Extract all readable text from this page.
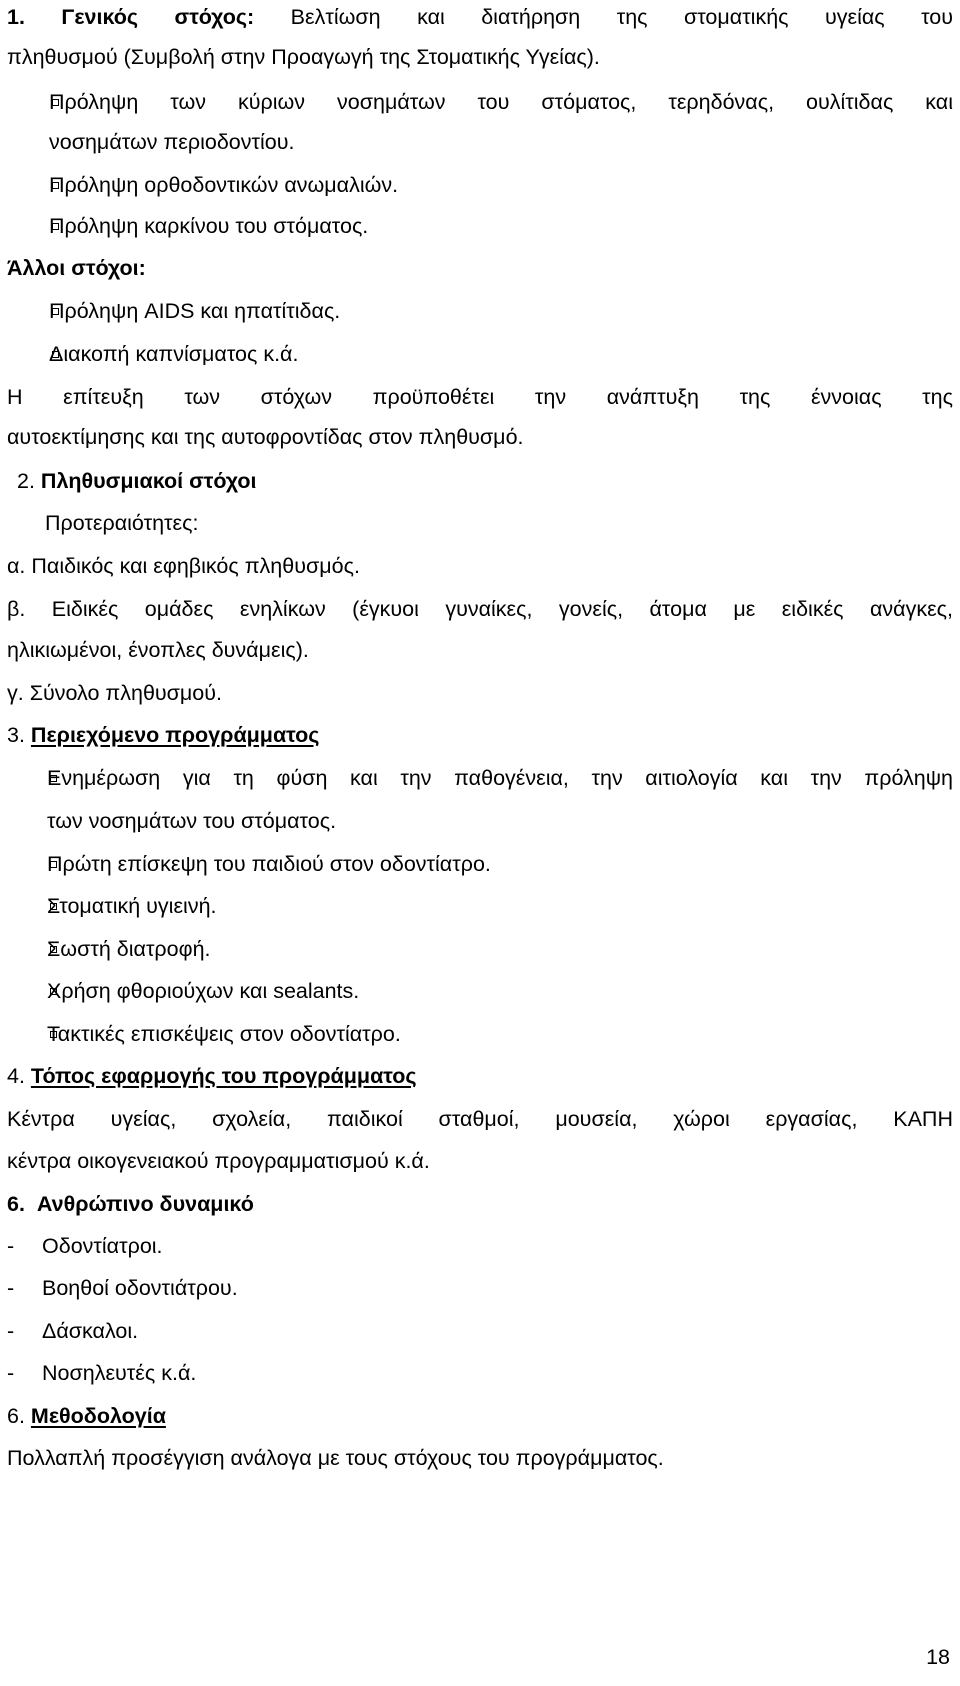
1. Γενικός στόχος: Βελτίωση και διατήρηση της στοματικής υγείας του
πληθυσμού (Συμβολή στην Προαγωγή της Στοματικής Υγείας).
Πρόληψη των κύριων νοσημάτων του στόματος, τερηδόνας, ουλίτιδας και
νοσημάτων περιοδοντίου.
Πρόληψη ορθοδοντικών ανωμαλιών.
Πρόληψη καρκίνου του στόματος.
Άλλοι στόχοι:
Πρόληψη AIDS και ηπατίτιδας.
Διακοπή καπνίσματος κ.ά.
Η επίτευξη των στόχων προϋποθέτει την ανάπτυξη της έννοιας της
αυτοεκτίμησης και της αυτοφροντίδας στον πληθυσμό.
2. Πληθυσμιακοί στόχοι
Προτεραιότητες:
α. Παιδικός και εφηβικός πληθυσμός.
β. Ειδικές ομάδες ενηλίκων (έγκυοι γυναίκες, γονείς, άτομα με ειδικές ανάγκες,
ηλικιωμένοι, ένοπλες δυνάμεις).
γ. Σύνολο πληθυσμού.
3. Περιεχόμενο προγράμματος
Ενημέρωση για τη φύση και την παθογένεια, την αιτιολογία και την πρόληψη
των νοσημάτων του στόματος.
Πρώτη επίσκεψη του παιδιού στον οδοντίατρο.
Στοματική υγιεινή.
Σωστή διατροφή.
Χρήση φθοριούχων και sealants.
Τακτικές επισκέψεις στον οδοντίατρο.
4. Τόπος εφαρμογής του προγράμματος
Κέντρα υγείας, σχολεία, παιδικοί σταθμοί, μουσεία, χώροι εργασίας, ΚΑΠΗ
κέντρα οικογενειακού προγραμματισμού κ.ά.
6. Ανθρώπινο δυναμικό
- Οδοντίατροι.
- Βοηθοί οδοντιάτρου.
- Δάσκαλοι.
- Νοσηλευτές κ.ά.
6. Μεθοδολογία
Πολλαπλή προσέγγιση ανάλογα με τους στόχους του προγράμματος.
18
